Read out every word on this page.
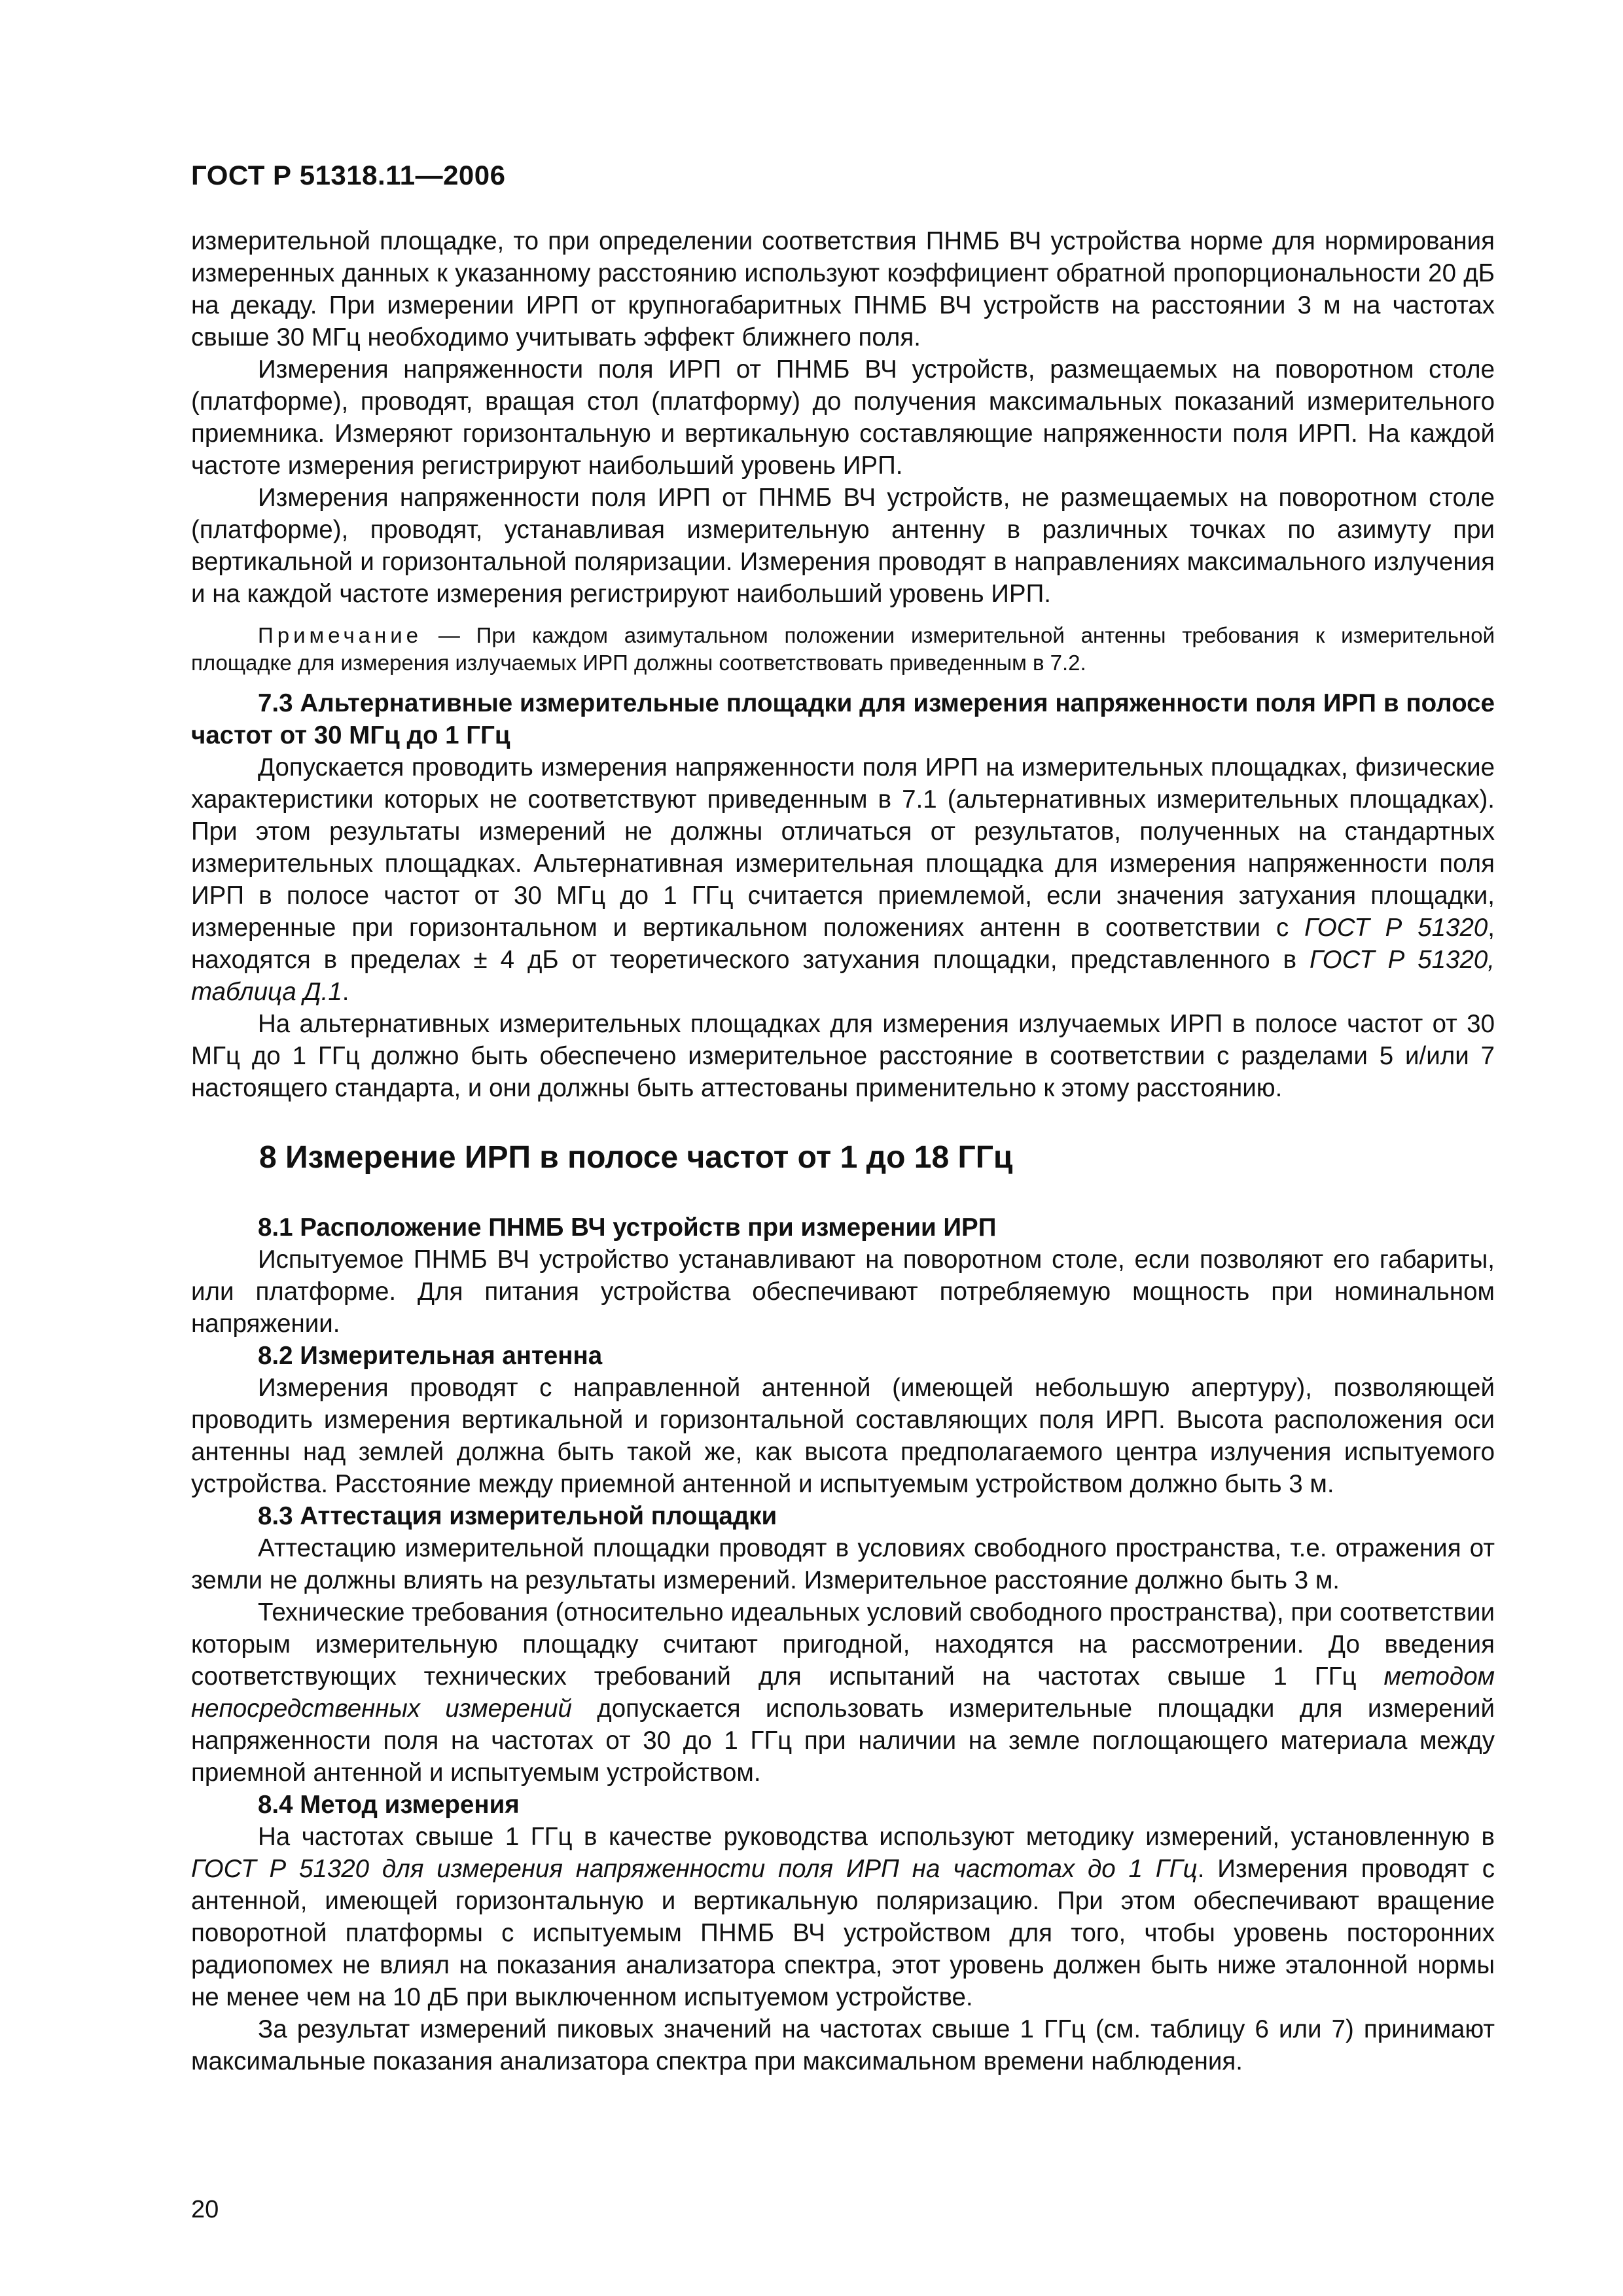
ГОСТ Р 51318.11—2006

измерительной площадке, то при определении соответствия ПНМБ ВЧ устройства норме для нормирования измеренных данных к указанному расстоянию используют коэффициент обратной пропорциональности 20 дБ на декаду. При измерении ИРП от крупногабаритных ПНМБ ВЧ устройств на расстоянии 3 м на частотах свыше 30 МГц необходимо учитывать эффект ближнего поля.

Измерения напряженности поля ИРП от ПНМБ ВЧ устройств, размещаемых на поворотном столе (платформе), проводят, вращая стол (платформу) до получения максимальных показаний измерительного приемника. Измеряют горизонтальную и вертикальную составляющие напряженности поля ИРП. На каждой частоте измерения регистрируют наибольший уровень ИРП.

Измерения напряженности поля ИРП от ПНМБ ВЧ устройств, не размещаемых на поворотном столе (платформе), проводят, устанавливая измерительную антенну в различных точках по азимуту при вертикальной и горизонтальной поляризации. Измерения проводят в направлениях максимального излучения и на каждой частоте измерения регистрируют наибольший уровень ИРП.

Примечание — При каждом азимутальном положении измерительной антенны требования к измерительной площадке для измерения излучаемых ИРП должны соответствовать приведенным в 7.2.

7.3 Альтернативные измерительные площадки для измерения напряженности поля ИРП в полосе частот от 30 МГц до 1 ГГц

Допускается проводить измерения напряженности поля ИРП на измерительных площадках, физические характеристики которых не соответствуют приведенным в 7.1 (альтернативных измерительных площадках). При этом результаты измерений не должны отличаться от результатов, полученных на стандартных измерительных площадках. Альтернативная измерительная площадка для измерения напряженности поля ИРП в полосе частот от 30 МГц до 1 ГГц считается приемлемой, если значения затухания площадки, измеренные при горизонтальном и вертикальном положениях антенн в соответствии с ГОСТ Р 51320, находятся в пределах ± 4 дБ от теоретического затухания площадки, представленного в ГОСТ Р 51320, таблица Д.1.

На альтернативных измерительных площадках для измерения излучаемых ИРП в полосе частот от 30 МГц до 1 ГГц должно быть обеспечено измерительное расстояние в соответствии с разделами 5 и/или 7 настоящего стандарта, и они должны быть аттестованы применительно к этому расстоянию.

8 Измерение ИРП в полосе частот от 1 до 18 ГГц

8.1 Расположение ПНМБ ВЧ устройств при измерении ИРП

Испытуемое ПНМБ ВЧ устройство устанавливают на поворотном столе, если позволяют его габариты, или платформе. Для питания устройства обеспечивают потребляемую мощность при номинальном напряжении.

8.2 Измерительная антенна

Измерения проводят с направленной антенной (имеющей небольшую апертуру), позволяющей проводить измерения вертикальной и горизонтальной составляющих поля ИРП. Высота расположения оси антенны над землей должна быть такой же, как высота предполагаемого центра излучения испытуемого устройства. Расстояние между приемной антенной и испытуемым устройством должно быть 3 м.

8.3 Аттестация измерительной площадки

Аттестацию измерительной площадки проводят в условиях свободного пространства, т.е. отражения от земли не должны влиять на результаты измерений. Измерительное расстояние должно быть 3 м.

Технические требования (относительно идеальных условий свободного пространства), при соответствии которым измерительную площадку считают пригодной, находятся на рассмотрении. До введения соответствующих технических требований для испытаний на частотах свыше 1 ГГц методом непосредственных измерений допускается использовать измерительные площадки для измерений напряженности поля на частотах от 30 до 1 ГГц при наличии на земле поглощающего материала между приемной антенной и испытуемым устройством.

8.4 Метод измерения

На частотах свыше 1 ГГц в качестве руководства используют методику измерений, установленную в ГОСТ Р 51320 для измерения напряженности поля ИРП на частотах до 1 ГГц. Измерения проводят с антенной, имеющей горизонтальную и вертикальную поляризацию. При этом обеспечивают вращение поворотной платформы с испытуемым ПНМБ ВЧ устройством для того, чтобы уровень посторонних радиопомех не влиял на показания анализатора спектра, этот уровень должен быть ниже эталонной нормы не менее чем на 10 дБ при выключенном испытуемом устройстве.

За результат измерений пиковых значений на частотах свыше 1 ГГц (см. таблицу 6 или 7) принимают максимальные показания анализатора спектра при максимальном времени наблюдения.

20
